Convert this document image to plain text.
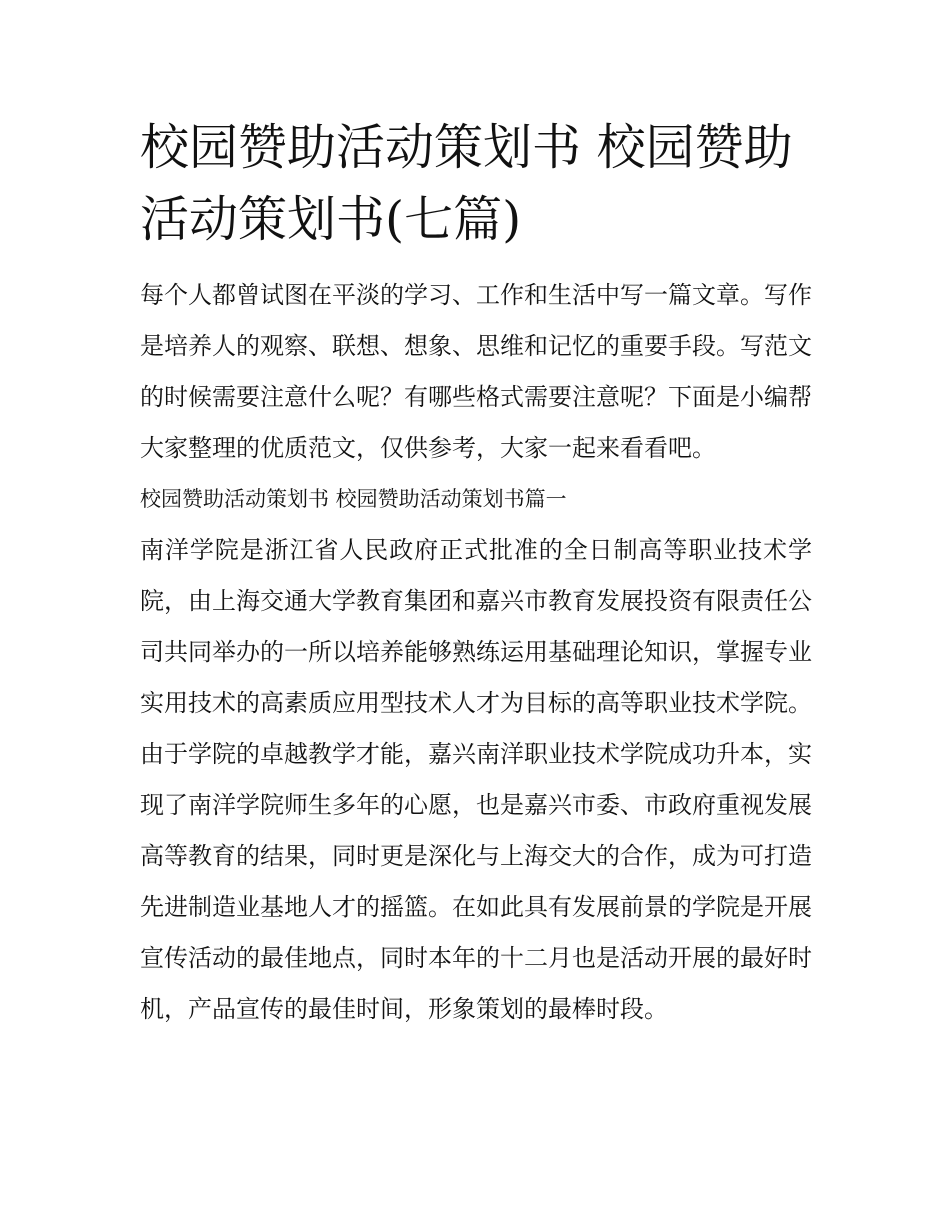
校园赞助活动策划书 校园赞助活动策划书(七篇)

每个人都曾试图在平淡的学习、工作和生活中写一篇文章。写作是培养人的观察、联想、想象、思维和记忆的重要手段。写范文的时候需要注意什么呢？有哪些格式需要注意呢？下面是小编帮大家整理的优质范文，仅供参考，大家一起来看看吧。

校园赞助活动策划书 校园赞助活动策划书篇一

南洋学院是浙江省人民政府正式批准的全日制高等职业技术学院，由上海交通大学教育集团和嘉兴市教育发展投资有限责任公司共同举办的一所以培养能够熟练运用基础理论知识，掌握专业实用技术的高素质应用型技术人才为目标的高等职业技术学院。

由于学院的卓越教学才能，嘉兴南洋职业技术学院成功升本，实现了南洋学院师生多年的心愿，也是嘉兴市委、市政府重视发展高等教育的结果，同时更是深化与上海交大的合作，成为可打造先进制造业基地人才的摇篮。在如此具有发展前景的学院是开展宣传活动的最佳地点，同时本年的十二月也是活动开展的最好时机，产品宣传的最佳时间，形象策划的最棒时段。
